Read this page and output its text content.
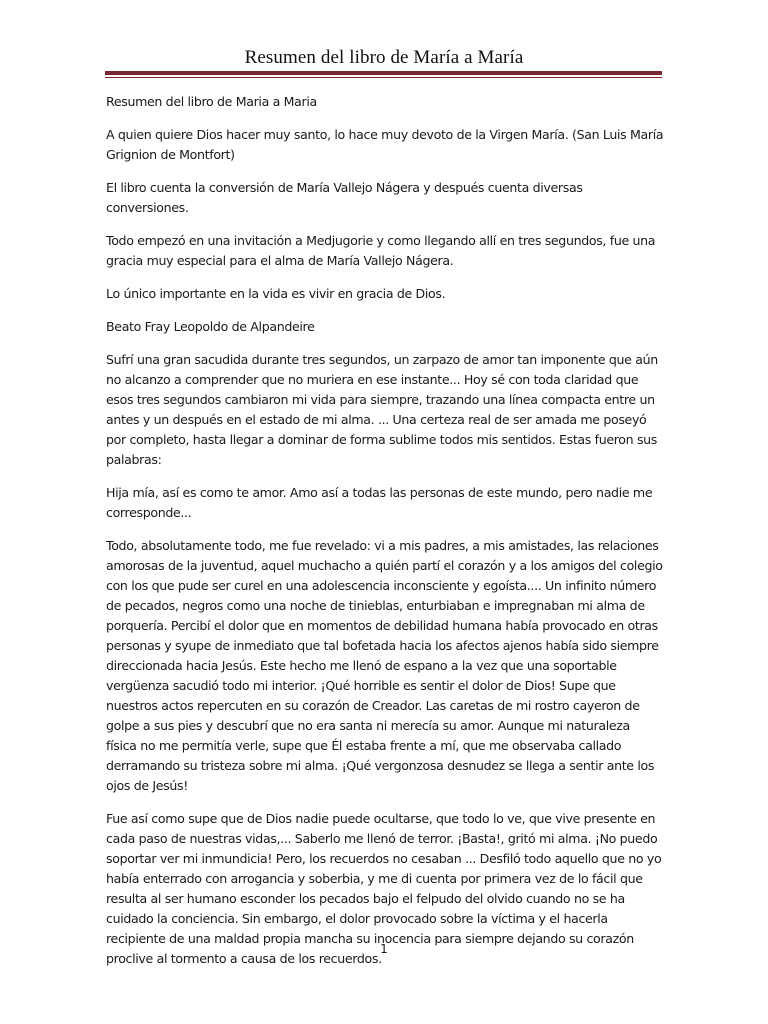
Resumen del libro de María a María

Resumen del libro de Maria a Maria

A quien quiere Dios hacer muy santo, lo hace muy devoto de la Virgen María. (San Luis María Grignion de Montfort)

El libro cuenta la conversión de María Vallejo Nágera y después cuenta diversas conversiones.

Todo empezó en una invitación a Medjugorie y como llegando allí en tres segundos, fue una gracia muy especial para el alma de María Vallejo Nágera.

Lo único importante en la vida es vivir en gracia de Dios.

Beato Fray Leopoldo de Alpandeire

Sufrí una gran sacudida durante tres segundos, un zarpazo de amor tan imponente que aún no alcanzo a comprender que no muriera en ese instante... Hoy sé con toda claridad que esos tres segundos cambiaron mi vida para siempre, trazando una línea compacta entre un antes y un después en el estado de mi alma. ... Una certeza real de ser amada me poseyó por completo, hasta llegar a dominar de forma sublime todos mis sentidos. Estas fueron sus palabras:

Hija mía, así es como te amor. Amo así a todas las personas de este mundo, pero nadie me corresponde...

Todo, absolutamente todo, me fue revelado: vi a mis padres, a mis amistades, las relaciones amorosas de la juventud, aquel muchacho a quién partí el corazón y a los amigos del colegio con los que pude ser curel en una adolescencia inconsciente y egoísta.... Un infinito número de pecados, negros como una noche de tinieblas, enturbiaban e impregnaban mi alma de porquería. Percibí el dolor que en momentos de debilidad humana había provocado en otras personas y syupe de inmediato que tal bofetada hacia los afectos ajenos había sido siempre direccionada hacia Jesús. Este hecho me llenó de espano a la vez que una soportable vergüenza sacudió todo mi interior. ¡Qué horrible es sentir el dolor de Dios! Supe que nuestros actos repercuten en su corazón de Creador. Las caretas de mi rostro cayeron de golpe a sus pies y descubrí que no era santa ni merecía su amor. Aunque mi naturaleza física no me permitía verle, supe que Él estaba frente a mí, que me observaba callado derramando su tristeza sobre mi alma. ¡Qué vergonzosa desnudez se llega a sentir ante los ojos de Jesús!

Fue así como supe que de Dios nadie puede ocultarse, que todo lo ve, que vive presente en cada paso de nuestras vidas,... Saberlo me llenó de terror. ¡Basta!, gritó mi alma. ¡No puedo soportar ver mi inmundicia! Pero, los recuerdos no cesaban ... Desfiló todo aquello que no yo había enterrado con arrogancia y soberbia, y me di cuenta por primera vez de lo fácil que resulta al ser humano esconder los pecados bajo el felpudo del olvido cuando no se ha cuidado la conciencia. Sin embargo, el dolor provocado sobre la víctima y el hacerla recipiente de una maldad propia mancha su inocencia para siempre dejando su corazón proclive al tormento a causa de los recuerdos.

1
